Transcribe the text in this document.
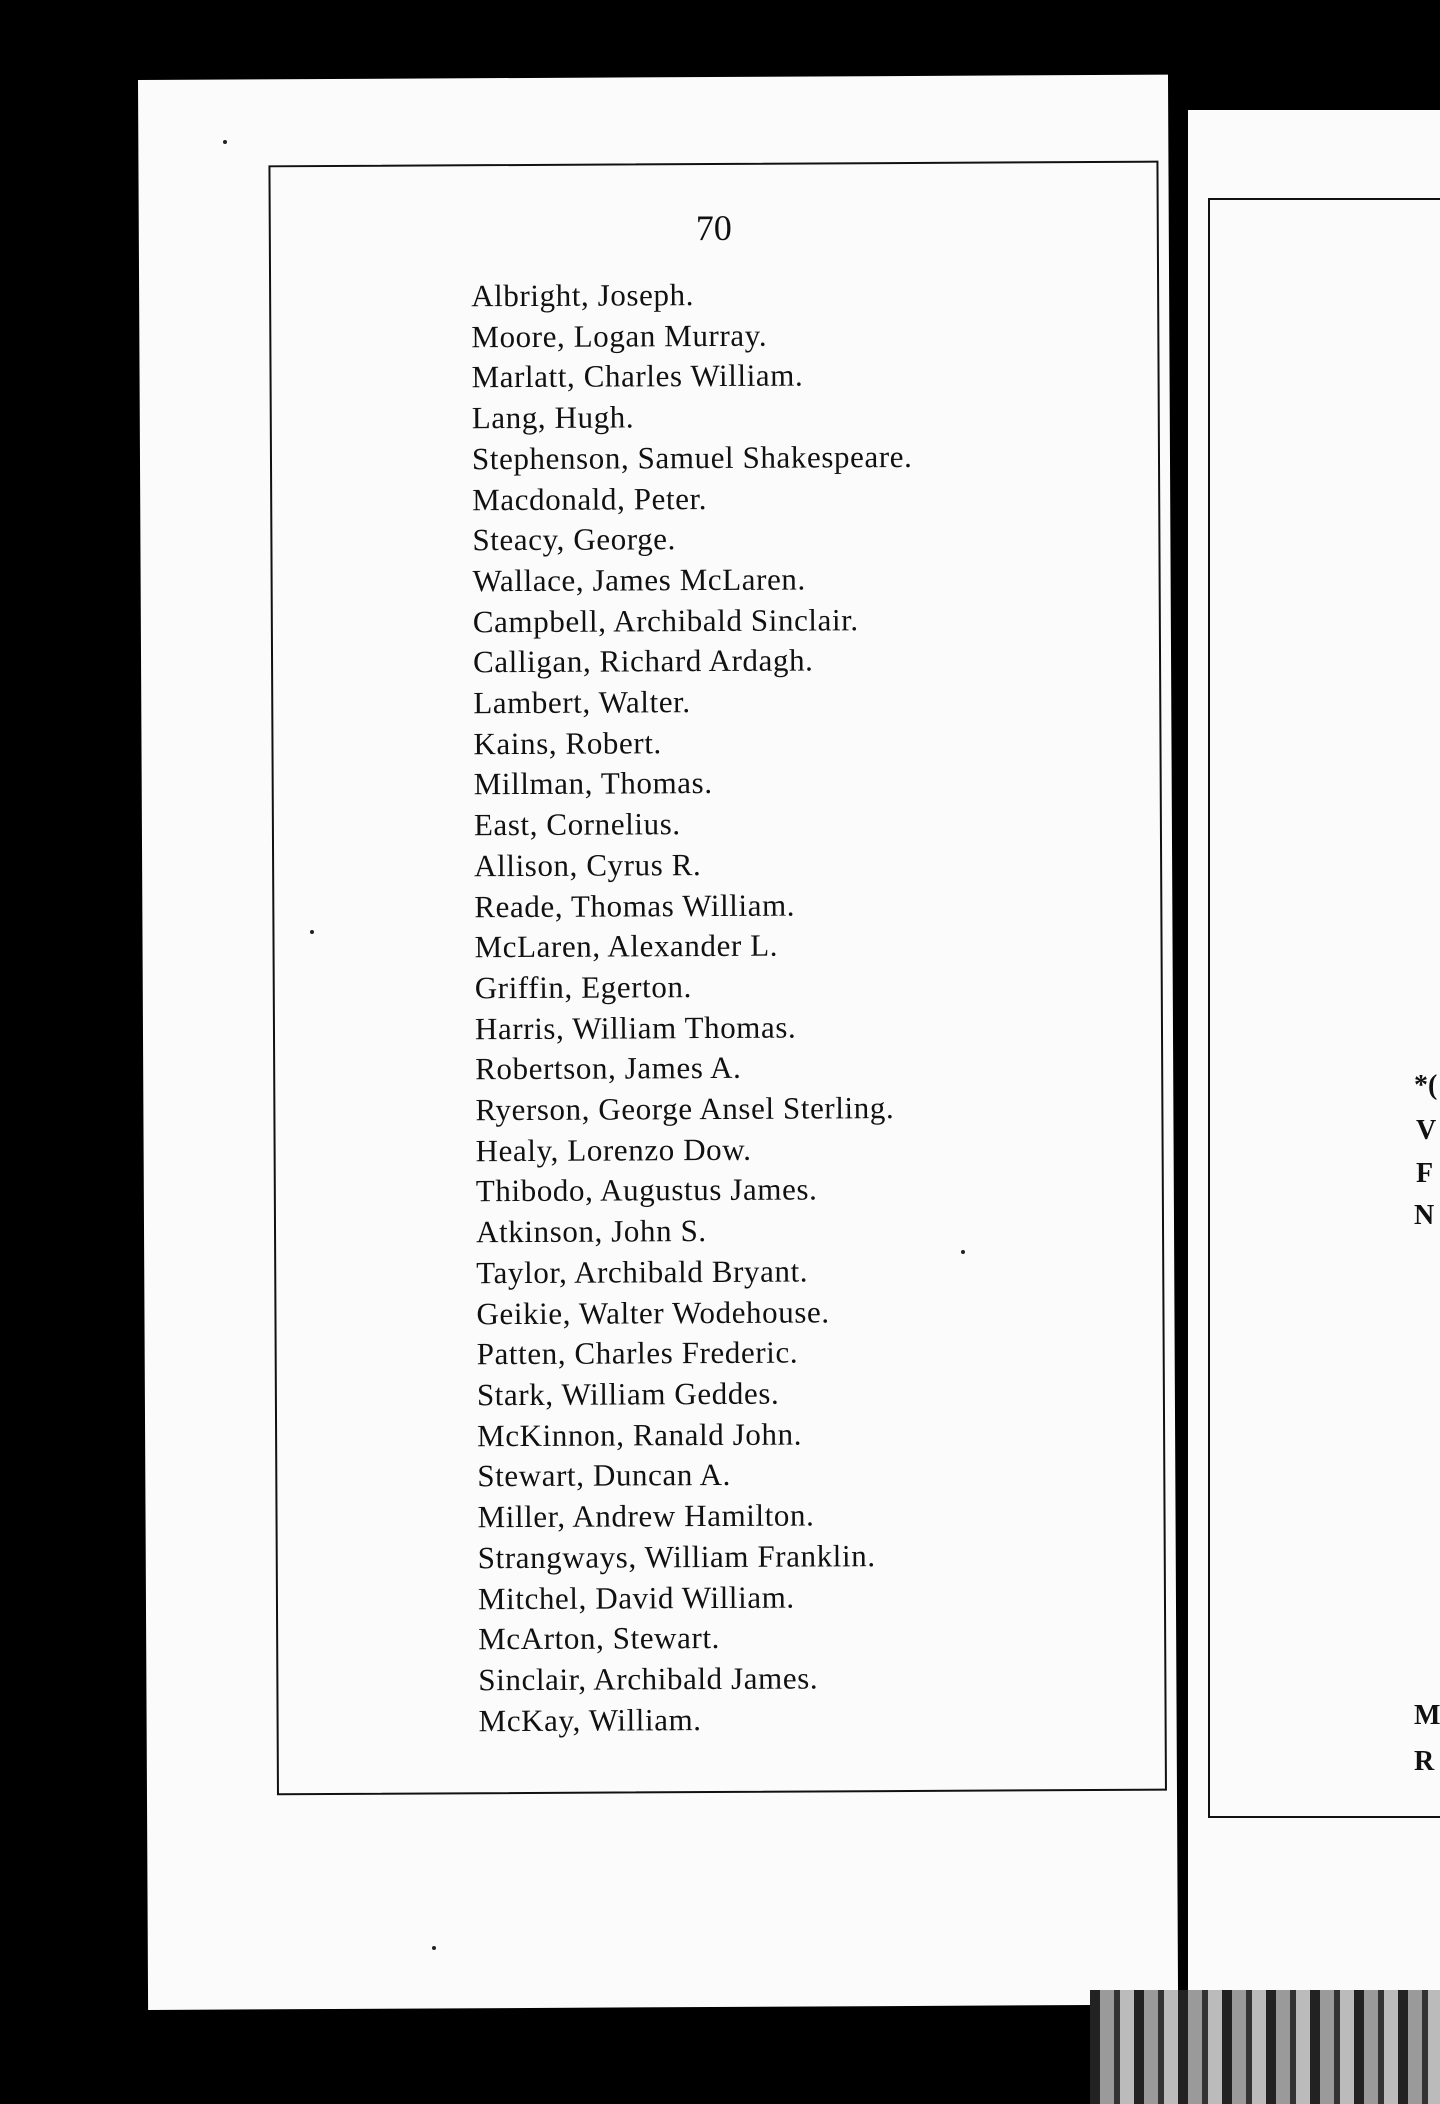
70
Albright, Joseph.
Moore, Logan Murray.
Marlatt, Charles William.
Lang, Hugh.
Stephenson, Samuel Shakespeare.
Macdonald, Peter.
Steacy, George.
Wallace, James McLaren.
Campbell, Archibald Sinclair.
Calligan, Richard Ardagh.
Lambert, Walter.
Kains, Robert.
Millman, Thomas.
East, Cornelius.
Allison, Cyrus R.
Reade, Thomas William.
McLaren, Alexander L.
Griffin, Egerton.
Harris, William Thomas.
Robertson, James A.
Ryerson, George Ansel Sterling.
Healy, Lorenzo Dow.
Thibodo, Augustus James.
Atkinson, John S.
Taylor, Archibald Bryant.
Geikie, Walter Wodehouse.
Patten, Charles Frederic.
Stark, William Geddes.
McKinnon, Ranald John.
Stewart, Duncan A.
Miller, Andrew Hamilton.
Strangways, William Franklin.
Mitchel, David William.
McArton, Stewart.
Sinclair, Archibald James.
McKay, William.
*(
V
F
N
M
R
